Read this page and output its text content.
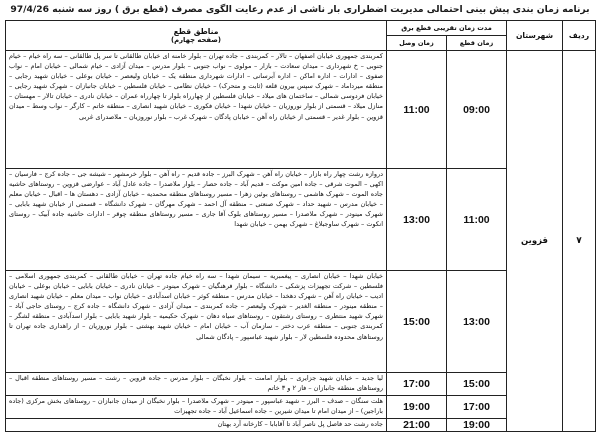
برنامه زمان بندی پیش بینی احتمالی مدیریت اضطراری بار ناشی از عدم رعایت الگوی مصرف (قطع برق ) روز سه شنبه 97/4/26
ردیف	شهرستان	مدت زمان تقریبی قطع برق		مناطق قطع
(صفحه چهارم)

		زمان قطع	زمان وصل	
۷	قزوین	09:00	11:00	کمربندی جمهوری خیابان اصفهان – تالار – کمربندی – جاده تهران – بلوار خامنه ای خیابان طالقانی تا سر پل طالقانی – سه راه خیام – خیام جنوبی – خ شهرداری – میدان سعادت – بازار – مولوی – نواب جنوبی – بلوار مدرس – میدان آزادی – خیام شمالی – خیابان امام – نواب صفوی – ادارات – اداره اماکن – اداره آبرسانی – ادارات شهرداری منطقه یک – خیابان ولیعصر – خیابان بوعلی – خیابان شهید رجایی – منطقه میرداماد – شهرک سپس بیرون قلعه (ثابت و متحرک) – خیابان نظامی – خیابان فلسطین – خیابان جانبازان – شهرک شهید رجایی – خیابان فردوسی شمالی – ساختمان های میلاد – خیابان فلسطین از چهارراه بلوار تا چهارراه عمران – خیابان نادری – خیابان تالار – مهستان – منازل میلاد – قسمتی از بلوار نوروزیان – خیابان شهدا – خیابان فکوری – خیابان شهید انصاری – منطقه خاتم – کارگر – نواب وسط – میدان قزوین – بلوار غدیر – قسمتی از خیابان راه آهن – خیابان پادگان – شهرک غرب – بلوار نوروزیان – ملاصدرای غربی
		11:00	13:00	دروازه رشت چهار راه بازار – خیابان راه آهن – شهرک البرز – جاده قدیم – راه آهن – بلوار خرمشهر – شیشه جی – جاده کرج – فارسیان – اکهی – الموت شرقی – جاده امین موکت – قدیم آباد – جاده حصار – بلوار ملاصدرا – جاده عادل آباد – عوارضی قزوین – روستاهای حاشیه جاده الموت – شهرک هاشمی – روستاهای بوئین زهرا – مسیر روستاهای منطقه محمدیه – خیابان آزادی – دهستان ها – اقبال – خیابان معلم – خیابان مدرس – شهید حداد – شهرک صنعتی – منطقه آل احمد – شهرک مهرگان – شهرک دانشگاه – قسمتی از خیابان شهید بابایی – شهرک مینودر – شهرک ملاصدرا – مسیر روستاهای بلوک آقا جاری – مسیر روستاهای منطقه چوقر – ادارات حاشیه جاده آبیک – روستای انکوت – شهرک ساوجبلاغ – شهرک بهمن – خیابان شهدا
		13:00	15:00	خیابان شهدا – خیابان انصاری – پیغمبریه – سیمان شهدا – سه راه خیام جاده تهران – خیابان طالقانی – کمربندی جمهوری اسلامی – فلسطین – شرکت تجهیزات پزشکی – دانشگاه – بلوار فرهنگیان – شهرک مینودر – خیابان نادری – خیابان بابایی – خیابان بوعلی – خیابان ادیب – خیابان راه آهن – شهرک دهخدا – خیابان مدرس – منطقه کوثر – خیابان اسدآبادی – خیابان نواب – میدان معلم – خیابان شهید انصاری – منطقه مینودر – منطقه الغدیر – شهرک ولیعصر – جاده کمربندی – میدان آزادی – شهرک دانشگاه – جاده کرج – روستای حاجی آباد – شهرک شهید منتظری – روستای رشتقون – روستاهای سیاه دهان – شهرک حکیمیه – بلوار شهید بابایی – بلوار اسدآبادی – منطقه لشگر – کمربندی جنوبی – منطقه عرب دختر – سازمان آب – خیابان امام – خیابان شهید بهشتی – بلوار نوروزیان – از راهداری جاده تهران تا روستاهای محدوده فلسطین لار – بلوار شهید عباسپور – پادگان شمالی
		15:00	17:00	لیا جدید – خیابان شهید جزایری – بلوار امامت – بلوار نخبگان – بلوار مدرس – جاده قزوین – رشت – مسیر روستاهای منطقه اقبال – روستاهای منطقه جانبازان – فاز ۲ و ۳ خاتم
		17:00	19:00	هلت سنگان – صدف – البرز – شهید عباسپور – مینودر – شهرک ملاصدرا – بلوار نخبگان از میدان جانبازان – روستاهای بخش مرکزی (جاده باراجین) – از میدان امام تا میدان شیرین – جاده اسماعیل آباد – جاده تجهیزات
		19:00	21:00	جاده رشت حد فاصل پل ناصر آباد تا آقابابا – کارخانه آرد بهتان
